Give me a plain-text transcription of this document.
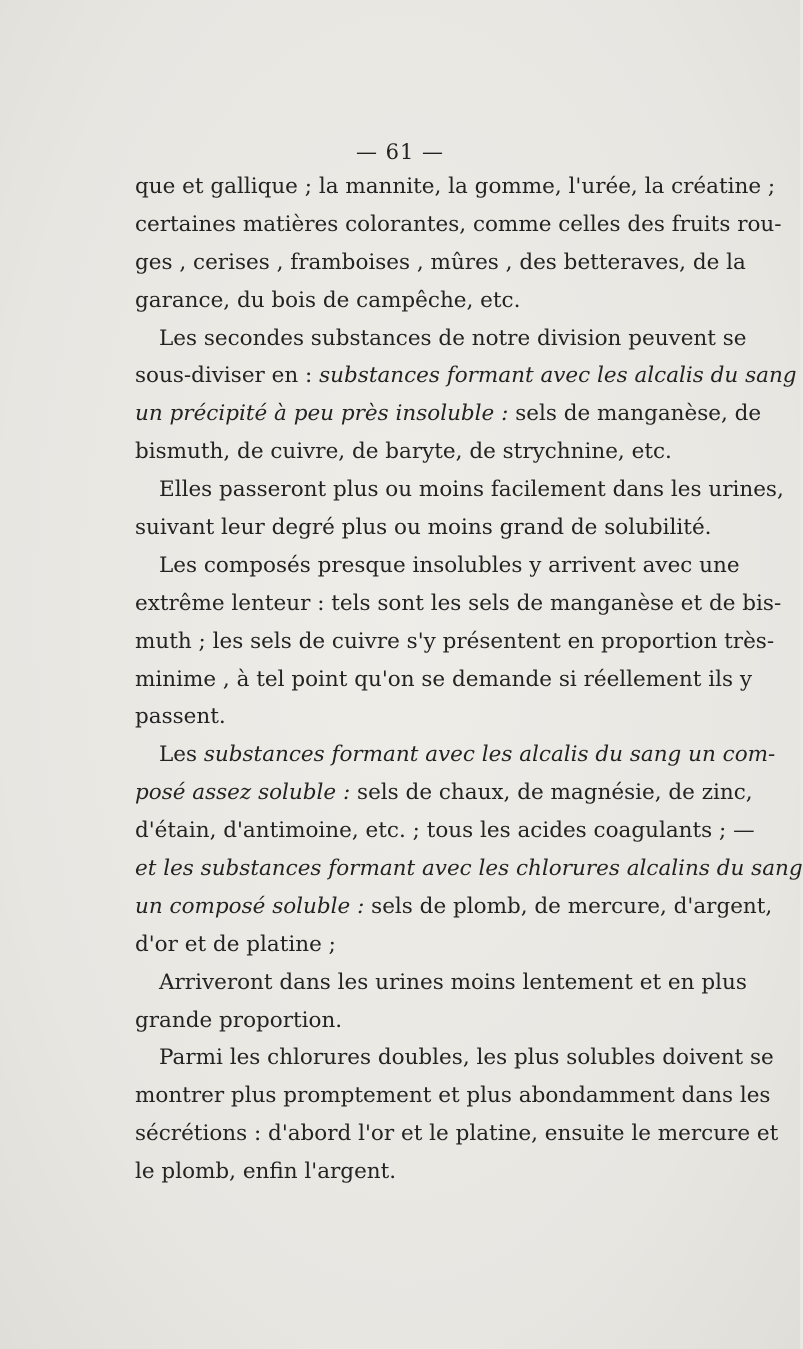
— 61 —
que et gallique ; la mannite, la gomme, l'urée, la créatine ;
certaines matières colorantes, comme celles des fruits rou-
ges , cerises , framboises , mûres , des betteraves, de la
garance, du bois de campêche, etc.
Les secondes substances de notre division peuvent se
sous-diviser en : substances formant avec les alcalis du sang
un précipité à peu près insoluble : sels de manganèse, de
bismuth, de cuivre, de baryte, de strychnine, etc.
Elles passeront plus ou moins facilement dans les urines,
suivant leur degré plus ou moins grand de solubilité.
Les composés presque insolubles y arrivent avec une
extrême lenteur : tels sont les sels de manganèse et de bis-
muth ; les sels de cuivre s'y présentent en proportion très-
minime , à tel point qu'on se demande si réellement ils y
passent.
Les substances formant avec les alcalis du sang un com-
posé assez soluble : sels de chaux, de magnésie, de zinc,
d'étain, d'antimoine, etc. ; tous les acides coagulants ; —
et les substances formant avec les chlorures alcalins du sang
un composé soluble : sels de plomb, de mercure, d'argent,
d'or et de platine ;
Arriveront dans les urines moins lentement et en plus
grande proportion.
Parmi les chlorures doubles, les plus solubles doivent se
montrer plus promptement et plus abondamment dans les
sécrétions : d'abord l'or et le platine, ensuite le mercure et
le plomb, enfin l'argent.
